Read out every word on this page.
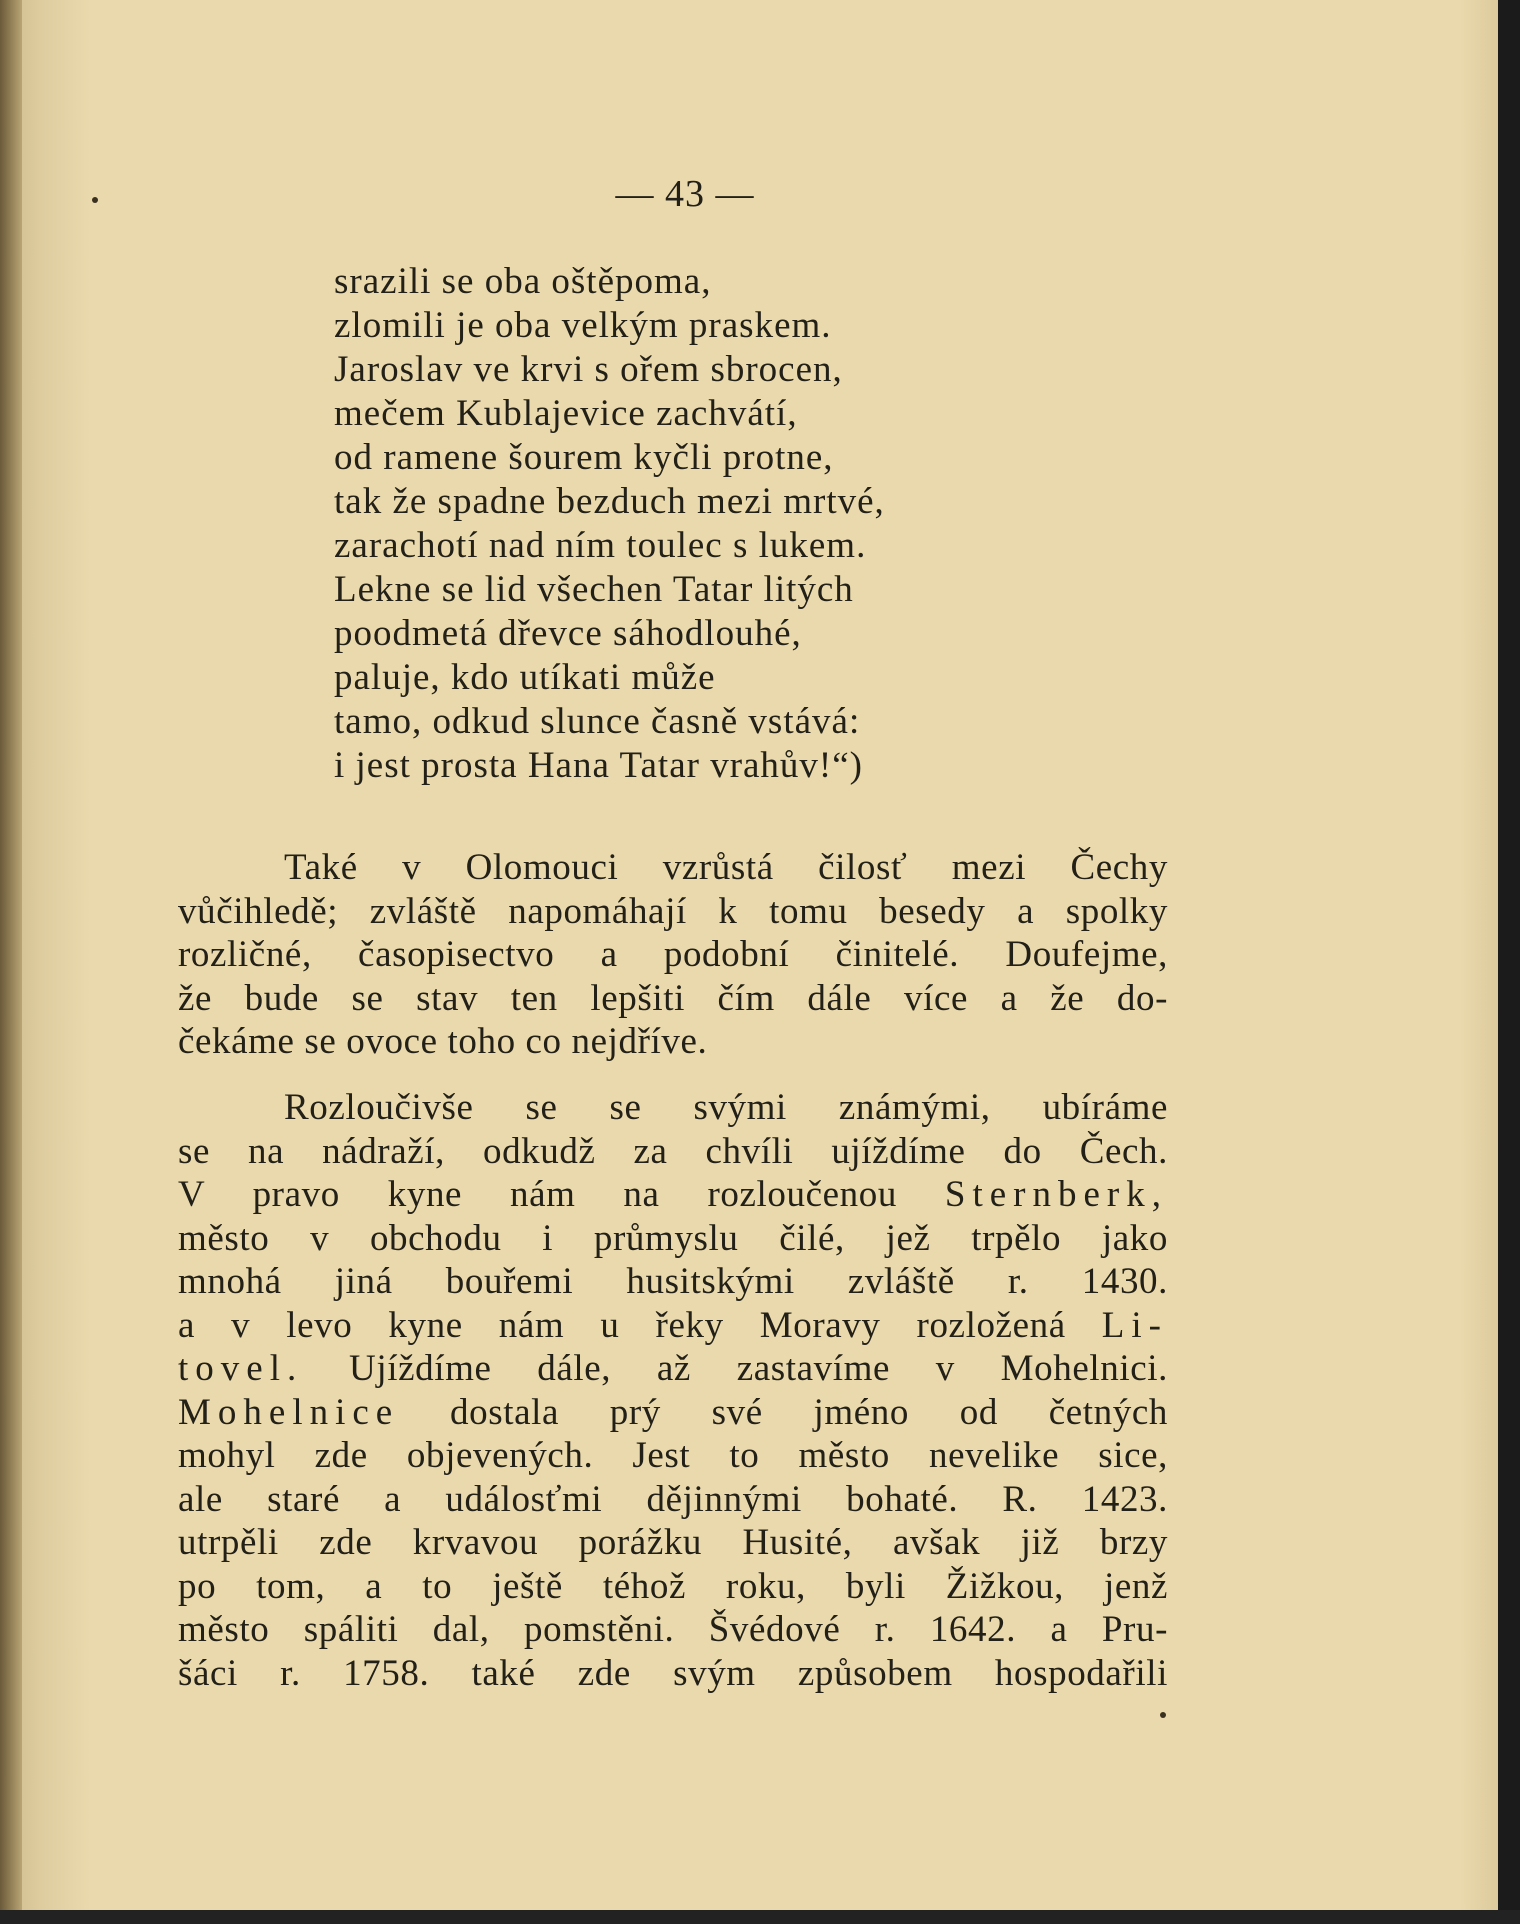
— 43 —
srazili se oba oštěpoma,
zlomili je oba velkým praskem.
Jaroslav ve krvi s ořem sbrocen,
mečem Kublajevice zachvátí,
od ramene šourem kyčli protne,
tak že spadne bezduch mezi mrtvé,
zarachotí nad ním toulec s lukem.
Lekne se lid všechen Tatar litých
poodmetá dřevce sáhodlouhé,
paluje, kdo utíkati může
tamo, odkud slunce časně vstává:
i jest prosta Hana Tatar vrahův!“)
Také v Olomouci vzrůstá čilosť mezi Čechy
vůčihledě; zvláště napomáhají k tomu besedy a spolky
rozličné, časopisectvo a podobní činitelé. Doufejme,
že bude se stav ten lepšiti čím dále více a že do-
čekáme se ovoce toho co nejdříve.
Rozloučivše se se svými známými, ubíráme
se na nádraží, odkudž za chvíli ujíždíme do Čech.
V pravo kyne nám na rozloučenou Sternberk,
město v obchodu i průmyslu čilé, jež trpělo jako
mnohá jiná bouřemi husitskými zvláště r. 1430.
a v levo kyne nám u řeky Moravy rozložená Li-
tovel. Ujíždíme dále, až zastavíme v Mohelnici.
Mohelnice dostala prý své jméno od četných
mohyl zde objevených. Jest to město nevelike sice,
ale staré a událosťmi dějinnými bohaté. R. 1423.
utrpěli zde krvavou porážku Husité, avšak již brzy
po tom, a to ještě téhož roku, byli Žižkou, jenž
město spáliti dal, pomstěni. Švédové r. 1642. a Pru-
šáci r. 1758. také zde svým způsobem hospodařili
